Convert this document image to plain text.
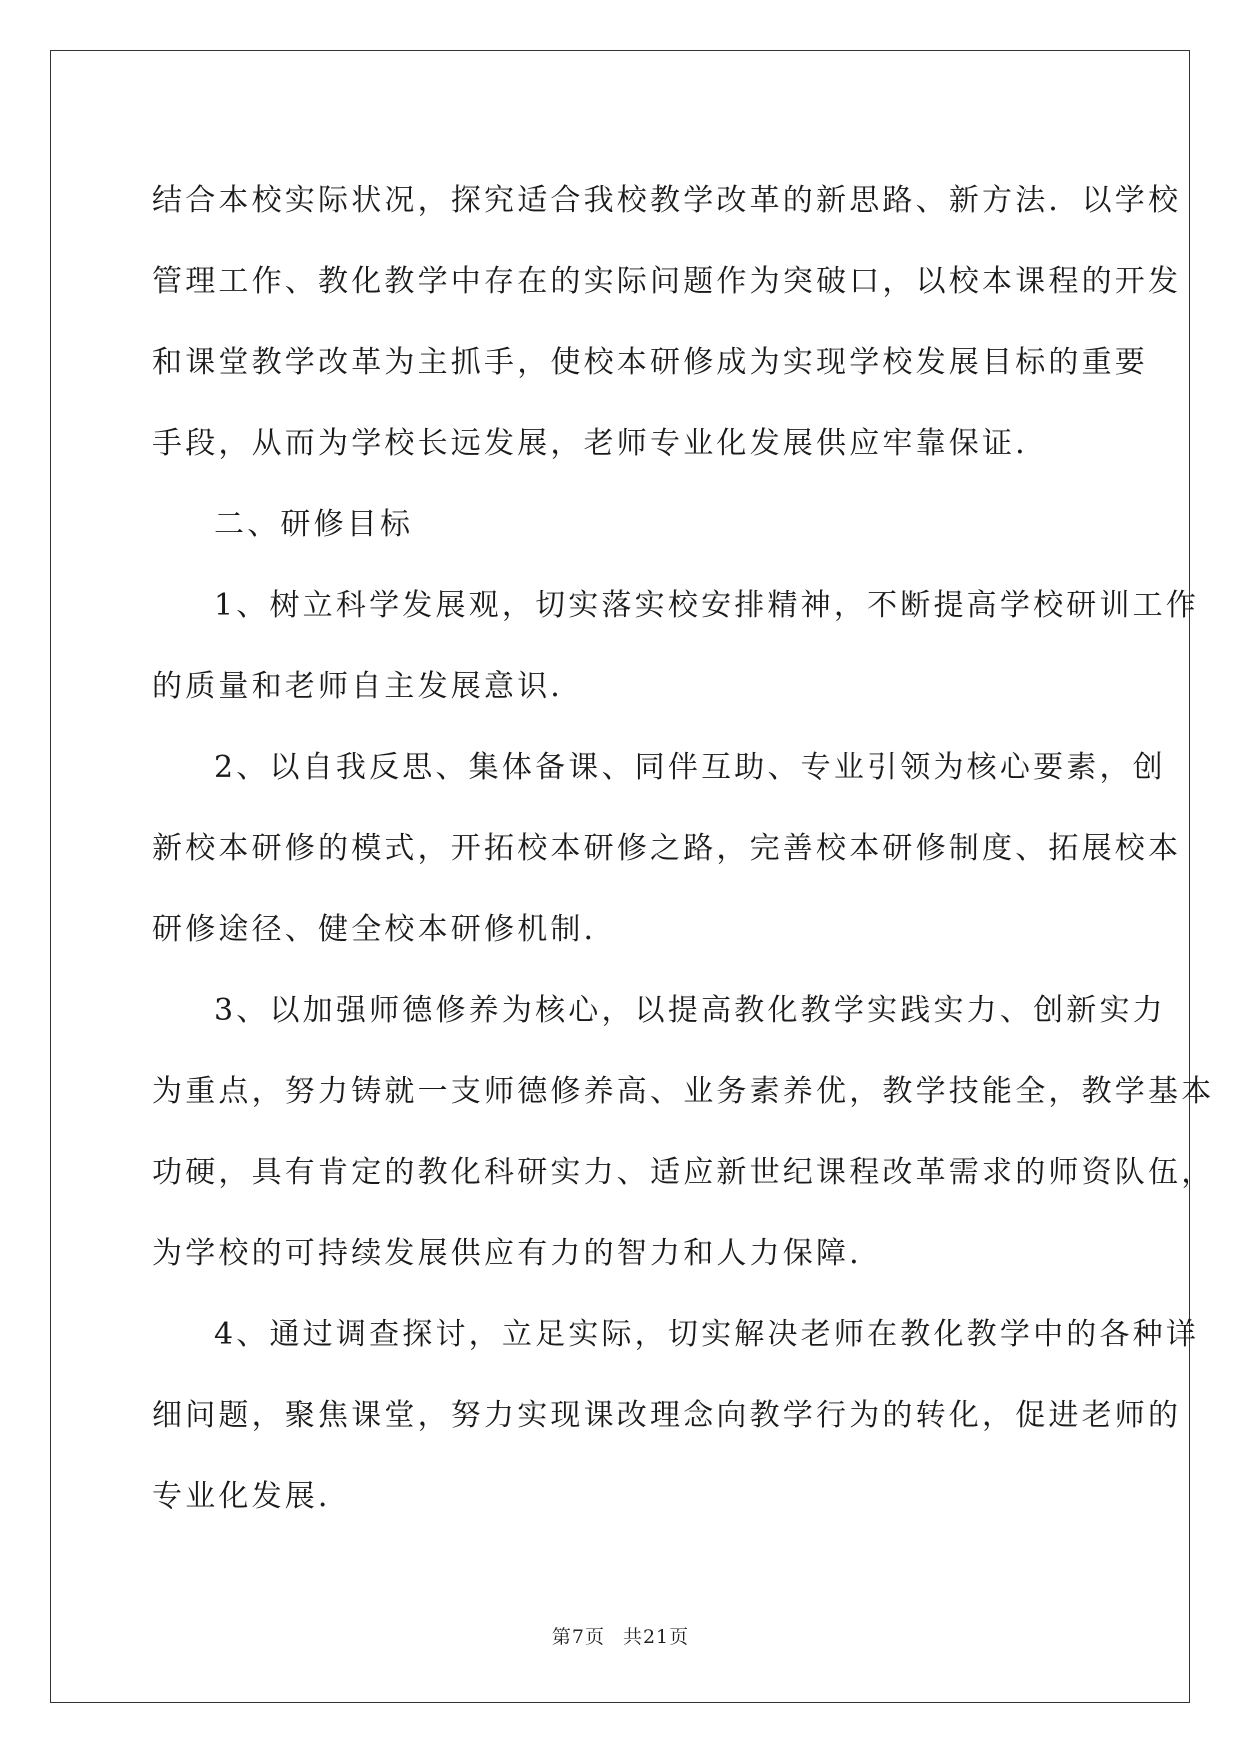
结合本校实际状况，探究适合我校教学改革的新思路、新方法．以学校
管理工作、教化教学中存在的实际问题作为突破口，以校本课程的开发
和课堂教学改革为主抓手，使校本研修成为实现学校发展目标的重要
手段，从而为学校长远发展，老师专业化发展供应牢靠保证．
二、研修目标
1、树立科学发展观，切实落实校安排精神，不断提高学校研训工作
的质量和老师自主发展意识．
2、以自我反思、集体备课、同伴互助、专业引领为核心要素，创
新校本研修的模式，开拓校本研修之路，完善校本研修制度、拓展校本
研修途径、健全校本研修机制．
3、以加强师德修养为核心，以提高教化教学实践实力、创新实力
为重点，努力铸就一支师德修养高、业务素养优，教学技能全，教学基本
功硬，具有肯定的教化科研实力、适应新世纪课程改革需求的师资队伍，
为学校的可持续发展供应有力的智力和人力保障．
4、通过调查探讨，立足实际，切实解决老师在教化教学中的各种详
细问题，聚焦课堂，努力实现课改理念向教学行为的转化，促进老师的
专业化发展．
第7页 共21页
